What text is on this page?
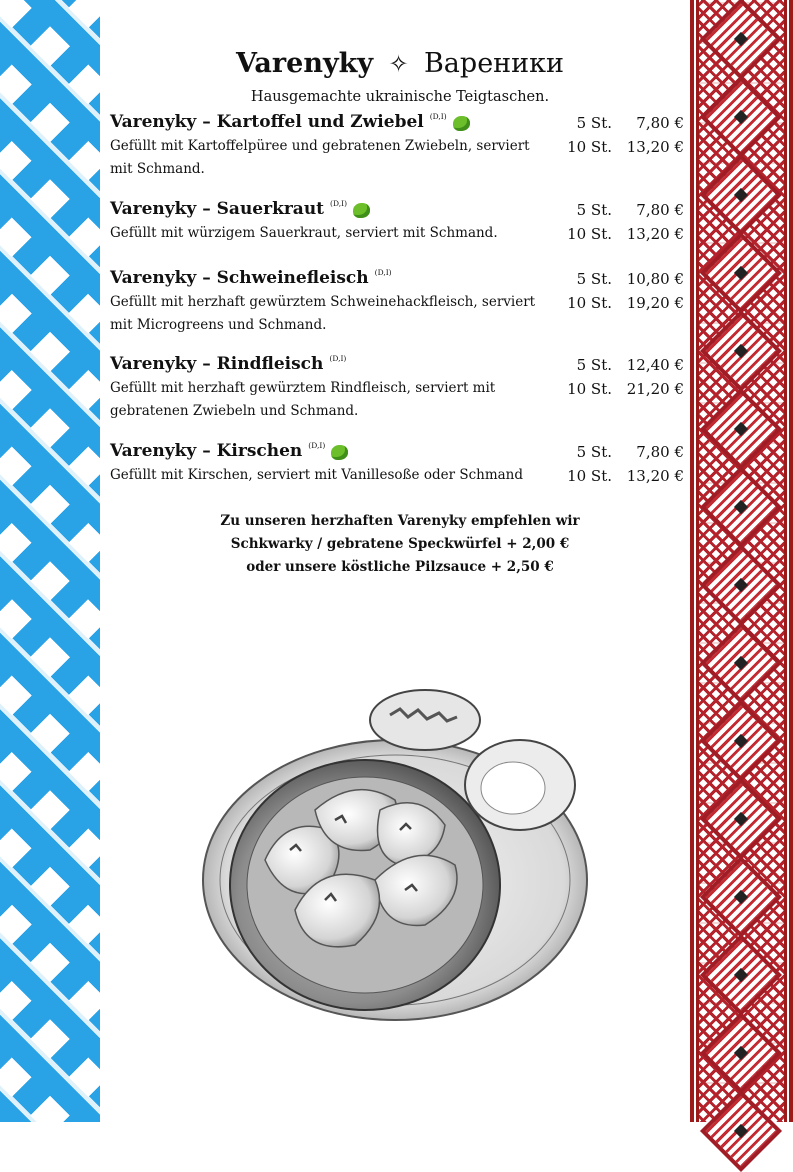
Varenyky ✧ Вареники
Hausgemachte ukrainische Teigtaschen.
Varenyky – Kartoffel und Zwiebel (D,I)
Gefüllt mit Kartoffelpüree und gebratenen Zwiebeln, serviert mit Schmand.
5 St.	7,80 €
10 St. 13,20 €
Varenyky – Sauerkraut (D,I)
Gefüllt mit würzigem Sauerkraut, serviert mit Schmand.
5 St.	7,80 €
10 St. 13,20 €
Varenyky – Schweinefleisch (D,I)
Gefüllt mit herzhaft gewürztem Schweinehackfleisch, serviert mit Microgreens und Schmand.
5 St. 10,80 €
10 St. 19,20 €
Varenyky – Rindfleisch (D,I)
Gefüllt mit herzhaft gewürztem Rindfleisch, serviert mit gebratenen Zwiebeln und Schmand.
5 St. 12,40 €
10 St. 21,20 €
Varenyky – Kirschen (D,I)
Gefüllt mit Kirschen, serviert mit Vanillesoße oder Schmand
5 St.	7,80 €
10 St. 13,20 €
Zu unseren herzhaften Varenyky empfehlen wir
Schkwarky / gebratene Speckwürfel + 2,00 €
oder unsere köstliche Pilzsauce + 2,50 €
